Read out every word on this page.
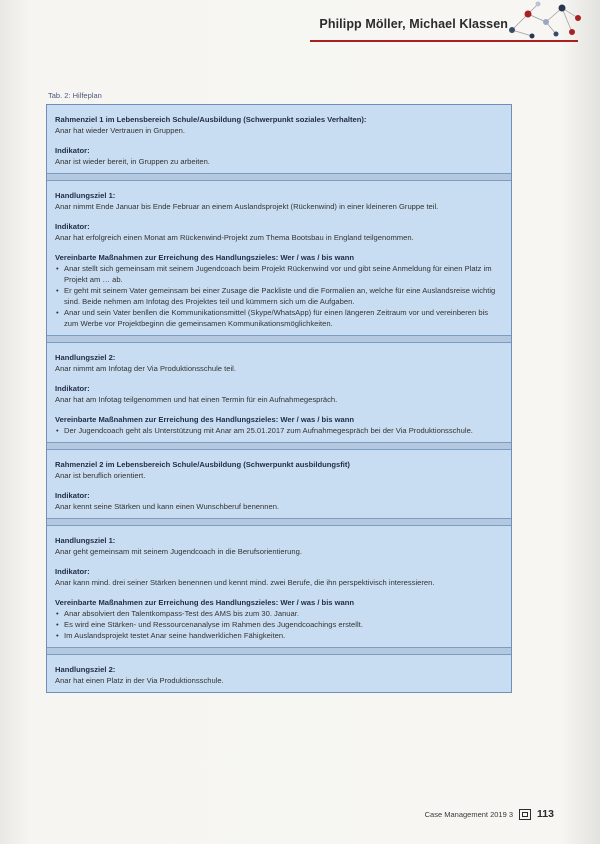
Philipp Möller, Michael Klassen
Tab. 2: Hilfeplan
Rahmenziel 1 im Lebensbereich Schule/Ausbildung (Schwerpunkt soziales Verhalten):
Anar hat wieder Vertrauen in Gruppen.
Indikator:
Anar ist wieder bereit, in Gruppen zu arbeiten.
Handlungsziel 1:
Anar nimmt Ende Januar bis Ende Februar an einem Auslandsprojekt (Rückenwind) in einer kleineren Gruppe teil.
Indikator:
Anar hat erfolgreich einen Monat am Rückenwind-Projekt zum Thema Bootsbau in England teilgenommen.
Vereinbarte Maßnahmen zur Erreichung des Handlungszieles: Wer / was / bis wann
• Anar stellt sich gemeinsam mit seinem Jugendcoach beim Projekt Rückenwind vor und gibt seine Anmeldung für einen Platz im Projekt am … ab.
• Er geht mit seinem Vater gemeinsam bei einer Zusage die Packliste und die Formalien an, welche für eine Auslandsreise wichtig sind. Beide nehmen am Infotag des Projektes teil und kümmern sich um die Aufgaben.
• Anar und sein Vater benllen die Kommunikationsmittel (Skype/WhatsApp) für einen längeren Zeitraum vor und vereinberen bis zum Werbe vor Projektbeginn die gemeinsamen Kommunikationsmöglichkeiten.
Handlungsziel 2:
Anar nimmt am Infotag der Via Produktionsschule teil.
Indikator:
Anar hat am Infotag teilgenommen und hat einen Termin für ein Aufnahmegespräch.
Vereinbarte Maßnahmen zur Erreichung des Handlungszieles: Wer / was / bis wann
• Der Jugendcoach geht als Unterstützung mit Anar am 25.01.2017 zum Aufnahmegespräch bei der Via Produktionsschule.
Rahmenziel 2 im Lebensbereich Schule/Ausbildung (Schwerpunkt ausbildungsfit)
Anar ist beruflich orientiert.
Indikator:
Anar kennt seine Stärken und kann einen Wunschberuf benennen.
Handlungsziel 1:
Anar geht gemeinsam mit seinem Jugendcoach in die Berufsorientierung.
Indikator:
Anar kann mind. drei seiner Stärken benennen und kennt mind. zwei Berufe, die ihn perspektivisch interessieren.
Vereinbarte Maßnahmen zur Erreichung des Handlungszieles: Wer / was / bis wann
• Anar absolviert den Talentkompass-Test des AMS bis zum 30. Januar.
• Es wird eine Stärken- und Ressourcenanalyse im Rahmen des Jugendcoachings erstellt.
• Im Auslandsprojekt testet Anar seine handwerklichen Fähigkeiten.
Handlungsziel 2:
Anar hat einen Platz in der Via Produktionsschule.
Case Management 2019 3 113
